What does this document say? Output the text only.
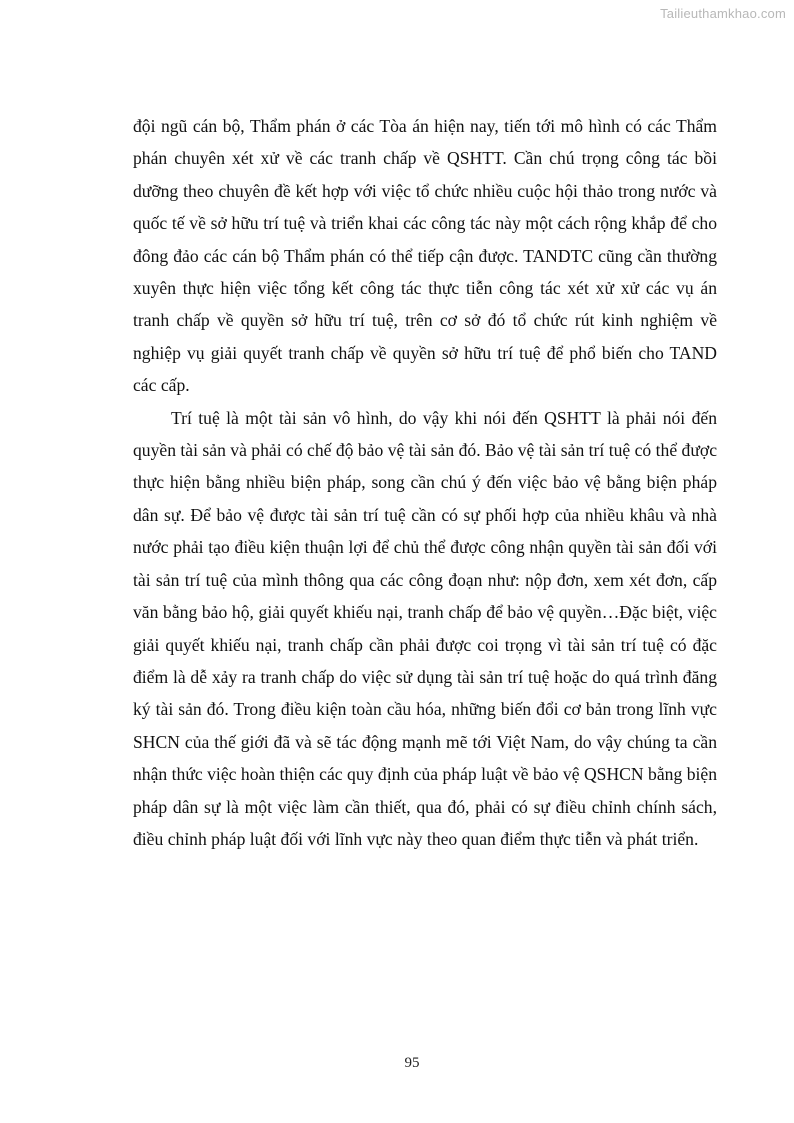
Tailieuthamkhao.com

đội ngũ cán bộ, Thẩm phán ở các Tòa án hiện nay, tiến tới mô hình có các Thẩm phán chuyên xét xử về các tranh chấp về QSHTT. Cần chú trọng công tác bồi dưỡng theo chuyên đề kết hợp với việc tổ chức nhiều cuộc hội thảo trong nước và quốc tế về sở hữu trí tuệ và triển khai các công tác này một cách rộng khắp để cho đông đảo các cán bộ Thẩm phán có thể tiếp cận được. TANDTC cũng cần thường xuyên thực hiện việc tổng kết công tác thực tiễn công tác xét xử xử các vụ án tranh chấp về quyền sở hữu trí tuệ, trên cơ sở đó tổ chức rút kinh nghiệm về nghiệp vụ giải quyết tranh chấp về quyền sở hữu trí tuệ để phổ biến cho TAND các cấp.

Trí tuệ là một tài sản vô hình, do vậy khi nói đến QSHTT là phải nói đến quyền tài sản và phải có chế độ bảo vệ tài sản đó. Bảo vệ tài sản trí tuệ có thể được thực hiện bằng nhiều biện pháp, song cần chú ý đến việc bảo vệ bằng biện pháp dân sự. Để bảo vệ được tài sản trí tuệ cần có sự phối hợp của nhiều khâu và nhà nước phải tạo điều kiện thuận lợi để chủ thể được công nhận quyền tài sản đối với tài sản trí tuệ của mình thông qua các công đoạn như: nộp đơn, xem xét đơn, cấp văn bằng bảo hộ, giải quyết khiếu nại, tranh chấp để bảo vệ quyền…Đặc biệt, việc giải quyết khiếu nại, tranh chấp cần phải được coi trọng vì tài sản trí tuệ có đặc điểm là dễ xảy ra tranh chấp do việc sử dụng tài sản trí tuệ hoặc do quá trình đăng ký tài sản đó. Trong điều kiện toàn cầu hóa, những biến đổi cơ bản trong lĩnh vực SHCN của thế giới đã và sẽ tác động mạnh mẽ tới Việt Nam, do vậy chúng ta cần nhận thức việc hoàn thiện các quy định của pháp luật về bảo vệ QSHCN bằng biện pháp dân sự là một việc làm cần thiết, qua đó, phải có sự điều chỉnh chính sách, điều chỉnh pháp luật đối với lĩnh vực này theo quan điểm thực tiễn và phát triển.

95
